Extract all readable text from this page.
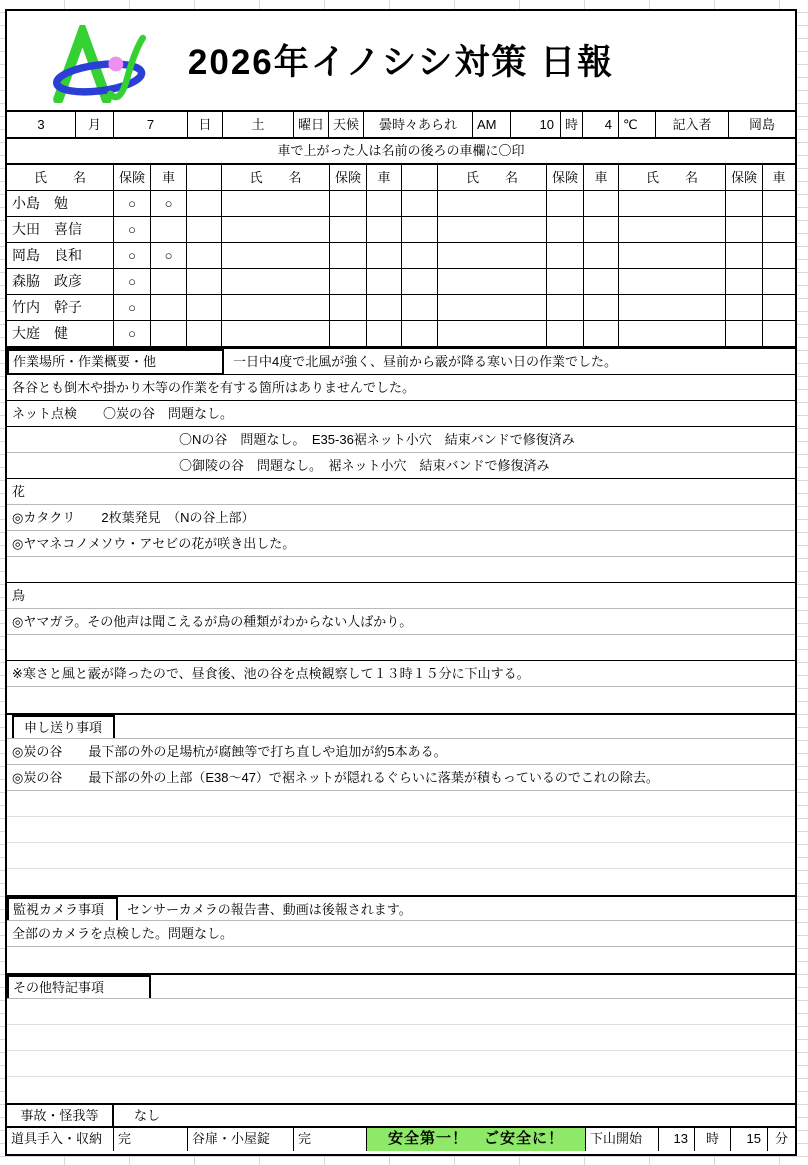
2026年イノシシ対策 日報
3	月	7	日	土	曜日 天候	曇時々あられ	AM	10 時	4 ℃	記入者	岡島
車で上がった人は名前の後ろの車欄に〇印
氏　　名	保険	車	氏　　名	保険	車	氏　　名	保険	車	氏　　名	保険	車
小島　勉	○	○
大田　喜信	○
岡島　良和	○	○
森脇　政彦	○
竹内　幹子	○
大庭　健	○
作業場所・作業概要・他	一日中4度で北風が強く、昼前から霰が降る寒い日の作業でした。
各谷とも倒木や掛かり木等の作業を有する箇所はありませんでした。
ネット点検　　〇炭の谷　問題なし。
〇Nの谷　問題なし。　E35-36裾ネット小穴　結束バンドで修復済み
〇御陵の谷　問題なし。　裾ネット小穴　結束バンドで修復済み
花
◎カタクリ　　2枚葉発見　（Nの谷上部）
◎ヤマネコノメソウ・アセビの花が咲き出した。
鳥
◎ヤマガラ。その他声は聞こえるが鳥の種類がわからない人ばかり。
※寒さと風と霰が降ったので、昼食後、池の谷を点検観察して１３時１５分に下山する。
申し送り事項
◎炭の谷　　最下部の外の足場杭が腐蝕等で打ち直しや追加が約5本ある。
◎炭の谷　　最下部の外の上部（E38～47）で裾ネットが隠れるぐらいに落葉が積もっているのでこれの除去。
監視カメラ事項	センサーカメラの報告書、動画は後報されます。
全部のカメラを点検した。問題なし。
その他特記事項
事故・怪我等	なし
道具手入・収納	完	谷扉・小屋錠	完	安全第一！　ご安全に！	下山開始	13	時	15	分
